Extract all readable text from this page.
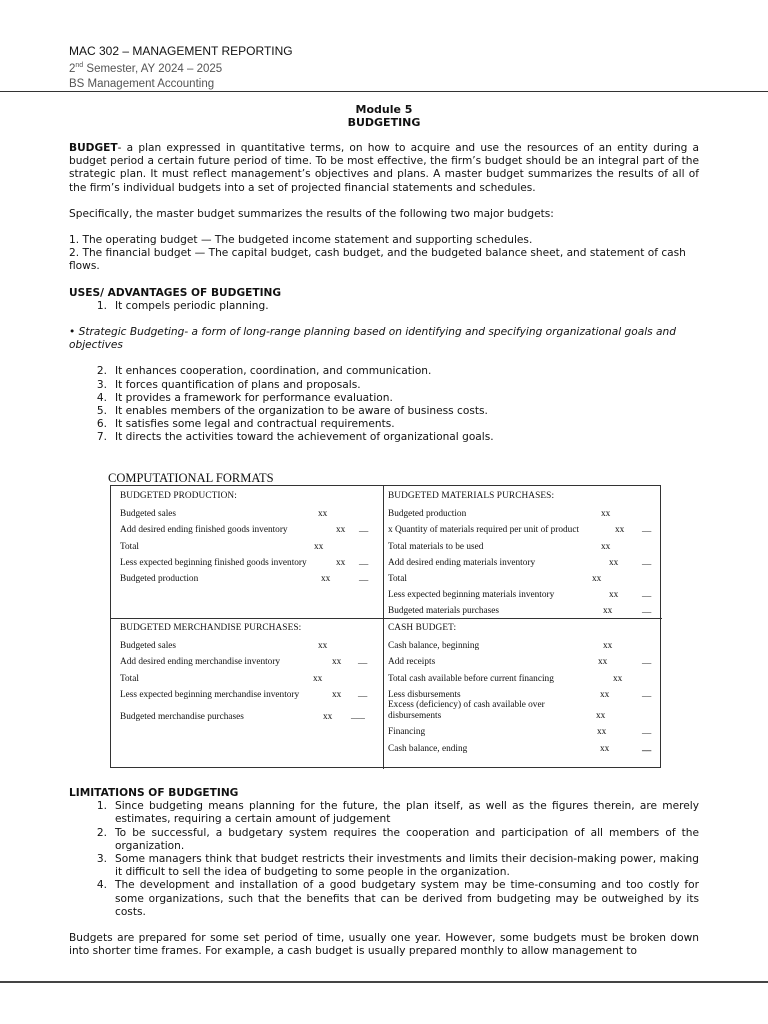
MAC 302 – MANAGEMENT REPORTING
2nd Semester, AY 2024 – 2025
BS Management Accounting
Module 5
BUDGETING

BUDGET- a plan expressed in quantitative terms, on how to acquire and use the resources of an entity during a budget period a certain future period of time. To be most effective, the firm’s budget should be an integral part of the strategic plan. It must reflect management’s objectives and plans. A master budget summarizes the results of all of the firm’s individual budgets into a set of projected financial statements and schedules.

Specifically, the master budget summarizes the results of the following two major budgets:

1. The operating budget — The budgeted income statement and supporting schedules.

2. The financial budget — The capital budget, cash budget, and the budgeted balance sheet, and statement of cash flows.

USES/ ADVANTAGES OF BUDGETING
1. It compels periodic planning.

• Strategic Budgeting- a form of long-range planning based on identifying and specifying organizational goals and objectives

2. It enhances cooperation, coordination, and communication.
3. It forces quantification of plans and proposals.
4. It provides a framework for performance evaluation.
5. It enables members of the organization to be aware of business costs.
6. It satisfies some legal and contractual requirements.
7. It directs the activities toward the achievement of organizational goals.
COMPUTATIONAL FORMATS
BUDGETED PRODUCTION:
Budgeted sales	xx
Add desired ending finished goods inventory	xx __
Total	xx
Less expected beginning finished goods inventory	xx __
Budgeted production	xx	__
BUDGETED MATERIALS PURCHASES:
Budgeted production	xx
x Quantity of materials required per unit of product	xx __
Total materials to be used	xx
Add desired ending materials inventory	xx	__
Total	xx
Less expected beginning materials inventory	xx	__
Budgeted materials purchases	xx	__
BUDGETED MERCHANDISE PURCHASES:
Budgeted sales	xx
Add desired ending merchandise inventory	xx __
Total	xx
Less expected beginning merchandise inventory	xx __
Budgeted merchandise purchases	xx ___
CASH BUDGET:
Cash balance, beginning	xx
Add receipts	xx	__
Total cash available before current financing	xx
Less disbursements	xx	__
Excess (deficiency) of cash available over
disbursements	xx
Financing	xx	__
Cash balance, ending	xx	__
LIMITATIONS OF BUDGETING
1. Since budgeting means planning for the future, the plan itself, as well as the figures therein, are merely estimates, requiring a certain amount of judgement
2. To be successful, a budgetary system requires the cooperation and participation of all members of the organization.
3. Some managers think that budget restricts their investments and limits their decision-making power, making it difficult to sell the idea of budgeting to some people in the organization.
4. The development and installation of a good budgetary system may be time-consuming and too costly for some organizations, such that the benefits that can be derived from budgeting may be outweighed by its costs.

Budgets are prepared for some set period of time, usually one year. However, some budgets must be broken down into shorter time frames. For example, a cash budget is usually prepared monthly to allow management to
